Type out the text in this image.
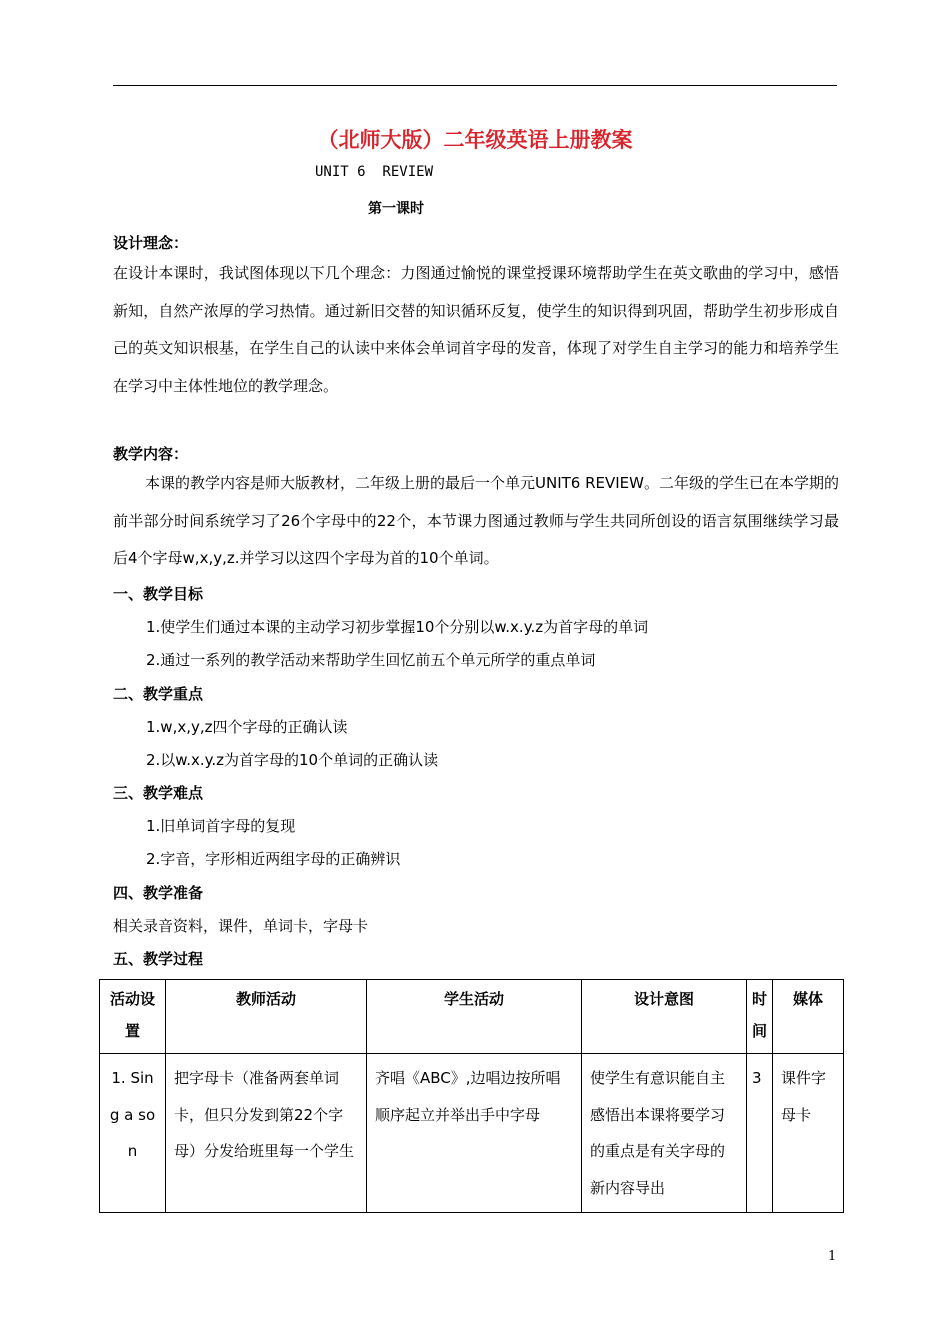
（北师大版）二年级英语上册教案
UNIT 6  REVIEW
第一课时
设计理念：
在设计本课时，我试图体现以下几个理念：力图通过愉悦的课堂授课环境帮助学生在英文歌曲的学习中，感悟新知，自然产浓厚的学习热情。通过新旧交替的知识循环反复，使学生的知识得到巩固，帮助学生初步形成自己的英文知识根基，在学生自己的认读中来体会单词首字母的发音，体现了对学生自主学习的能力和培养学生在学习中主体性地位的教学理念。
教学内容：
本课的教学内容是师大版教材，二年级上册的最后一个单元UNIT6 REVIEW。二年级的学生已在本学期的前半部分时间系统学习了26个字母中的22个，本节课力图通过教师与学生共同所创设的语言氛围继续学习最后4个字母w,x,y,z.并学习以这四个字母为首的10个单词。
一、教学目标
1.使学生们通过本课的主动学习初步掌握10个分别以w.x.y.z为首字母的单词
2.通过一系列的教学活动来帮助学生回忆前五个单元所学的重点单词
二、教学重点
1.w,x,y,z四个字母的正确认读
2.以w.x.y.z为首字母的10个单词的正确认读
三、教学难点
1.旧单词首字母的复现
2.字音，字形相近两组字母的正确辨识
四、教学准备
相关录音资料，课件，单词卡，字母卡
五、教学过程
活动设置	教师活动	学生活动	设计意图	时间	媒体
1. Sing a son	把字母卡（准备两套单词卡，但只分发到第22个字母）分发给班里每一个学生	齐唱《ABC》,边唱边按所唱顺序起立并举出手中字母	使学生有意识能自主感悟出本课将要学习的重点是有关字母的新内容导出	3	课件字母卡
1
